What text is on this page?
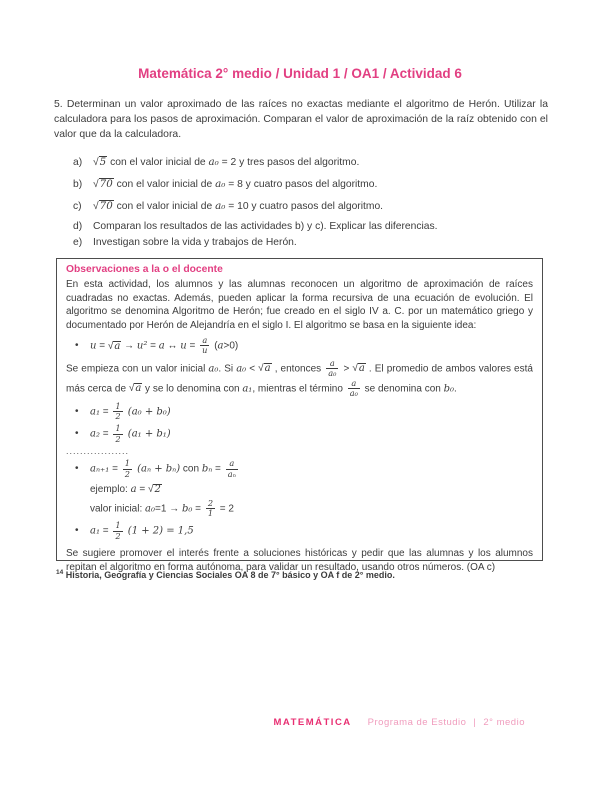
Matemática 2° medio / Unidad 1 / OA1 / Actividad 6
5. Determinan un valor aproximado de las raíces no exactas mediante el algoritmo de Herón. Utilizar la calculadora para los pasos de aproximación. Comparan el valor de aproximación de la raíz obtenido con el valor que da la calculadora.
a)	√5 con el valor inicial de a₀ = 2 y tres pasos del algoritmo.
b)	√70 con el valor inicial de a₀ = 8 y cuatro pasos del algoritmo.
c)	√70 con el valor inicial de a₀ = 10 y cuatro pasos del algoritmo.
d)	Comparan los resultados de las actividades b) y c). Explicar las diferencias.
e)	Investigan sobre la vida y trabajos de Herón.
Observaciones a la o el docente
En esta actividad, los alumnos y las alumnas reconocen un algoritmo de aproximación de raíces cuadradas no exactas. Además, pueden aplicar la forma recursiva de una ecuación de evolución. El algoritmo se denomina Algoritmo de Herón; fue creado en el siglo IV a. C. por un matemático griego y documentado por Herón de Alejandría en el siglo I. El algoritmo se basa en la siguiente idea:
• u = √a → u² = a ↔ $u = \frac{a}{u} (a>0)$
Se empieza con un valor inicial a₀. Si a₀ < √a , entonces $\frac{a}{\text{a₀}} > √a$ . El promedio de ambos valores está más cerca de √a y se lo denomina con a₁, mientras el término $\frac{a}{\text{a₀}}$ se denomina con b₀.
• $a_1 = \frac{1}{2} (a_0 + b_0)$
• $a_2 = \frac{1}{2} (a_1 + b_1)$
..................
• $a_{n+1} = \frac{1}{2} (a_n + b_n)$ con $b_n = \frac{a}{\text{aₙ}}$
ejemplo: a = √2
valor inicial: $a_0=1 \to b_0 = \frac{2}{1} = 2$
• $a_1 = \frac{1}{2} (1 + 2) = 1,5$
Se sugiere promover el interés frente a soluciones históricas y pedir que las alumnas y los alumnos repitan el algoritmo en forma autónoma, para validar un resultado, usando otros números. (OA c)
$^{14}$ Historia, Geografía y Ciencias Sociales OA 8 de 7° básico y OA f de 2° medio.
MATEMÁTICA Programa de Estudio | 2° medio
